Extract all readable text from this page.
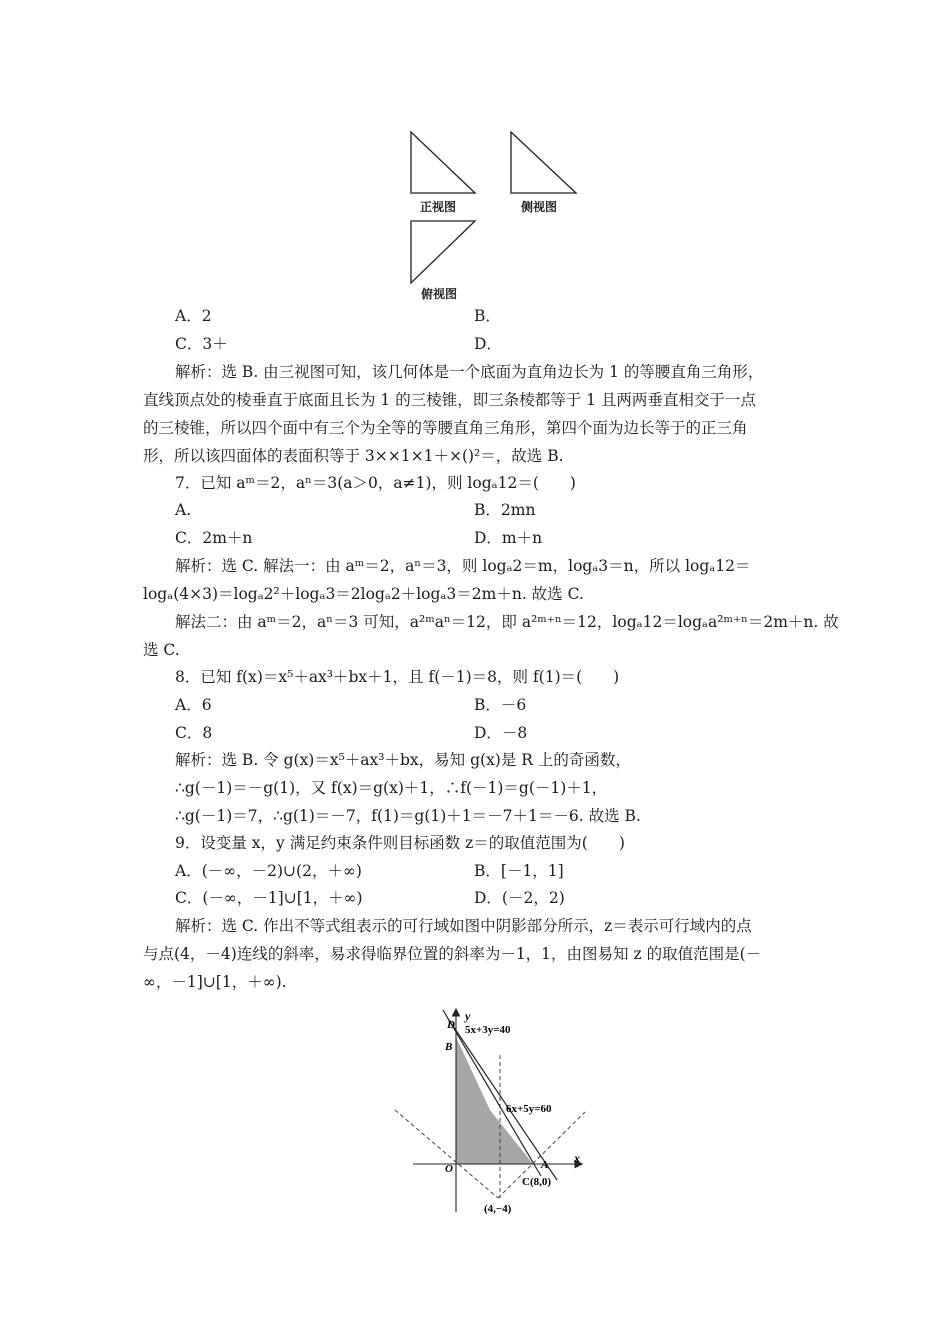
正视图	侧视图
俯视图
A．2	B．
C．3＋	D．
解析：选 B. 由三视图可知，该几何体是一个底面为直角边长为 1 的等腰直角三角形，
直线顶点处的棱垂直于底面且长为 1 的三棱锥，即三条棱都等于 1 且两两垂直相交于一点
的三棱锥，所以四个面中有三个为全等的等腰直角三角形，第四个面为边长等于的正三角
形，所以该四面体的表面积等于 3××1×1＋×()²＝，故选 B.
7．已知 aᵐ＝2，aⁿ＝3(a＞0，a≠1)，则 logₐ12＝(　　)
A.	B．2mn
C．2m＋n	D．m＋n
解析：选 C. 解法一：由 aᵐ＝2，aⁿ＝3，则 logₐ2＝m，logₐ3＝n，所以 logₐ12＝
logₐ(4×3)＝logₐ2²＋logₐ3＝2logₐ2＋logₐ3＝2m＋n. 故选 C.
解法二：由 aᵐ＝2，aⁿ＝3 可知，a²ᵐaⁿ＝12，即 a²ᵐ⁺ⁿ＝12，logₐ12＝logₐa²ᵐ⁺ⁿ＝2m＋n. 故
选 C.
8．已知 f(x)＝x⁵＋ax³＋bx＋1，且 f(－1)＝8，则 f(1)＝(　　)
A．6	B．－6
C．8	D．－8
解析：选 B. 令 g(x)＝x⁵＋ax³＋bx，易知 g(x)是 R 上的奇函数，
∴g(－1)＝－g(1)，又 f(x)＝g(x)＋1，∴f(－1)＝g(－1)＋1，
∴g(－1)＝7，∴g(1)＝－7，f(1)＝g(1)＋1＝－7＋1＝－6. 故选 B.
9．设变量 x，y 满足约束条件则目标函数 z＝的取值范围为(　　)
A．(－∞，－2)∪(2，＋∞)	B．[－1，1]
C．(－∞，－1]∪[1，＋∞)	D．(－2，2)
解析：选 C. 作出不等式组表示的可行域如图中阴影部分所示，z＝表示可行域内的点
与点(4，－4)连线的斜率，易求得临界位置的斜率为－1，1，由图易知 z 的取值范围是(－
∞，－1]∪[1，＋∞).
y
x
O
D
B
A
C(8,0)
5x+3y=40
6x+5y=60
(4,−4)
